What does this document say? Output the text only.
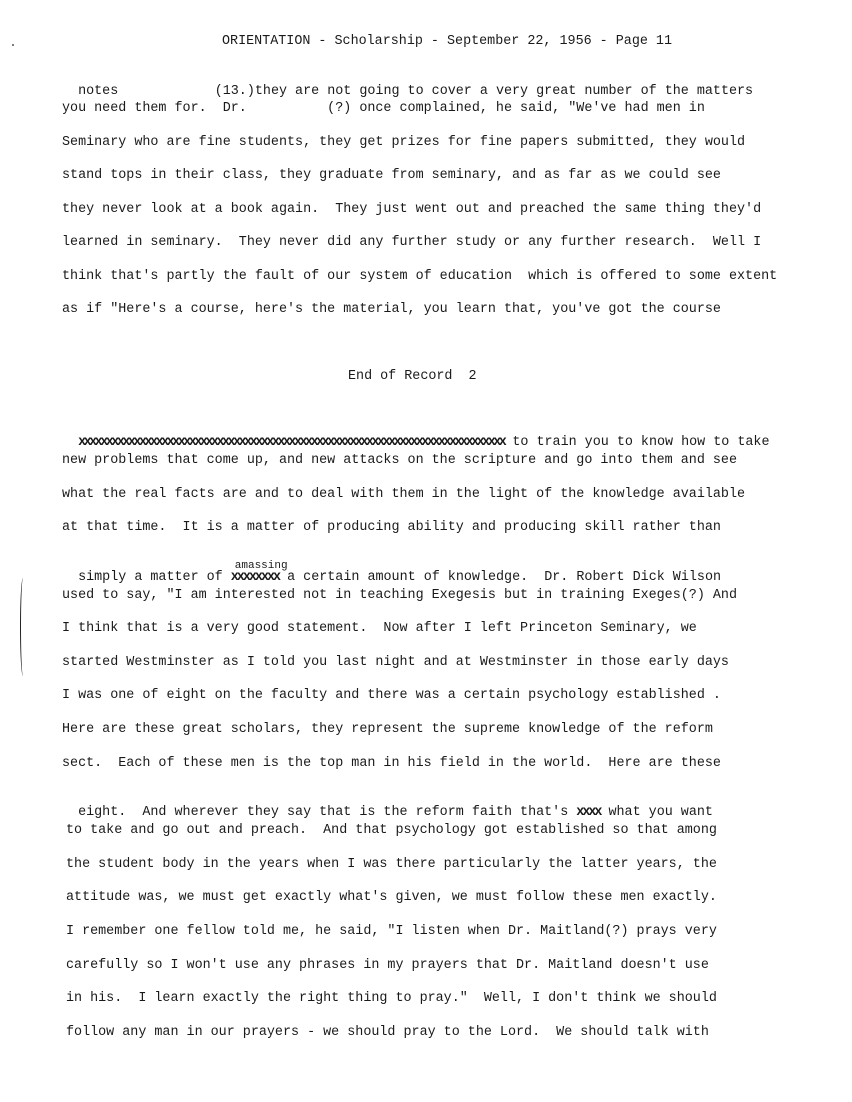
ORIENTATION - Scholarship - September 22, 1956 - Page 11

notes	(13.)they are not going to cover a very great number of the matters

you need them for.  Dr.          (?) once complained, he said, "We've had men in
Seminary who are fine students, they get prizes for fine papers submitted, they would
stand tops in their class, they graduate from seminary, and as far as we could see
they never look at a book again.  They just went out and preached the same thing they'd
learned in seminary.  They never did any further study or any further research.  Well I
think that's partly the fault of our system of education  which is offered to some extent
as if "Here's a course, here's the material, you learn that, you've got the course
End of Record  2

xxxxxxxxxxxxxxxxxxxxxxxxxxxxxxxxxxxxxxxxxxxxxxxxxxxxxxxxxxxxxxxxxxxxxxxxxxxxx to train you to know how to take

new problems that come up, and new attacks on the scripture and go into them and see
what the real facts are and to deal with them in the light of the knowledge available
at that time.  It is a matter of producing ability and producing skill rather than

simply a matter of
amassing
xxxxxxxx a certain amount of knowledge.  Dr. Robert Dick Wilson

used to say, "I am interested not in teaching Exegesis but in training Exeges(?) And
I think that is a very good statement.  Now after I left Princeton Seminary, we
started Westminster as I told you last night and at Westminster in those early days
I was one of eight on the faculty and there was a certain psychology established .
Here are these great scholars, they represent the supreme knowledge of the reform
sect.  Each of these men is the top man in his field in the world.  Here are these

eight.  And wherever they say that is the reform faith that's xxxx what you want

to take and go out and preach.  And that psychology got established so that among
the student body in the years when I was there particularly the latter years, the
attitude was, we must get exactly what's given, we must follow these men exactly.
I remember one fellow told me, he said, "I listen when Dr. Maitland(?) prays very
carefully so I won't use any phrases in my prayers that Dr. Maitland doesn't use
in his.  I learn exactly the right thing to pray."  Well, I don't think we should
follow any man in our prayers - we should pray to the Lord.  We should talk with
